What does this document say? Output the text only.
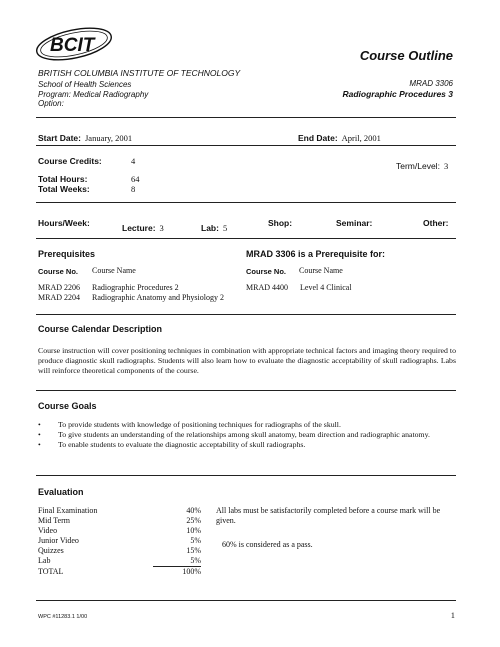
BCIT	Course Outline
BRITISH COLUMBIA INSTITUTE OF TECHNOLOGY
School of Health Sciences
Program: Medical Radiography
Option:
MRAD 3306
Radiographic Procedures 3
Start Date: January, 2001	End Date: April, 2001
Course Credits:	4	Term/Level: 3
Total Hours:	64
Total Weeks:	8
Hours/Week:	Lecture: 3	Lab: 5	Shop:	Seminar:	Other:
Prerequisites
Course No. Course Name
MRAD 2206 Radiographic Procedures 2
MRAD 2204 Radiographic Anatomy and Physiology 2
MRAD 3306 is a Prerequisite for:
Course No. Course Name
MRAD 4400 Level 4 Clinical
Course Calendar Description
Course instruction will cover positioning techniques in combination with appropriate technical factors and imaging theory required to produce diagnostic skull radiographs. Students will also learn how to evaluate the diagnostic acceptability of skull radiographs. Labs will reinforce theoretical components of the course.
Course Goals
• To provide students with knowledge of positioning techniques for radiographs of the skull.
• To give students an understanding of the relationships among skull anatomy, beam direction and radiographic anatomy.
• To enable students to evaluate the diagnostic acceptability of skull radiographs.
Evaluation
Final Examination	40%
Mid Term	25%
Video	10%
Junior Video	5%
Quizzes	15%
Lab	5%
TOTAL	100%
All labs must be satisfactorily completed before a course mark will be given.
60% is considered as a pass.
WPC #11283.1 1/00	1
